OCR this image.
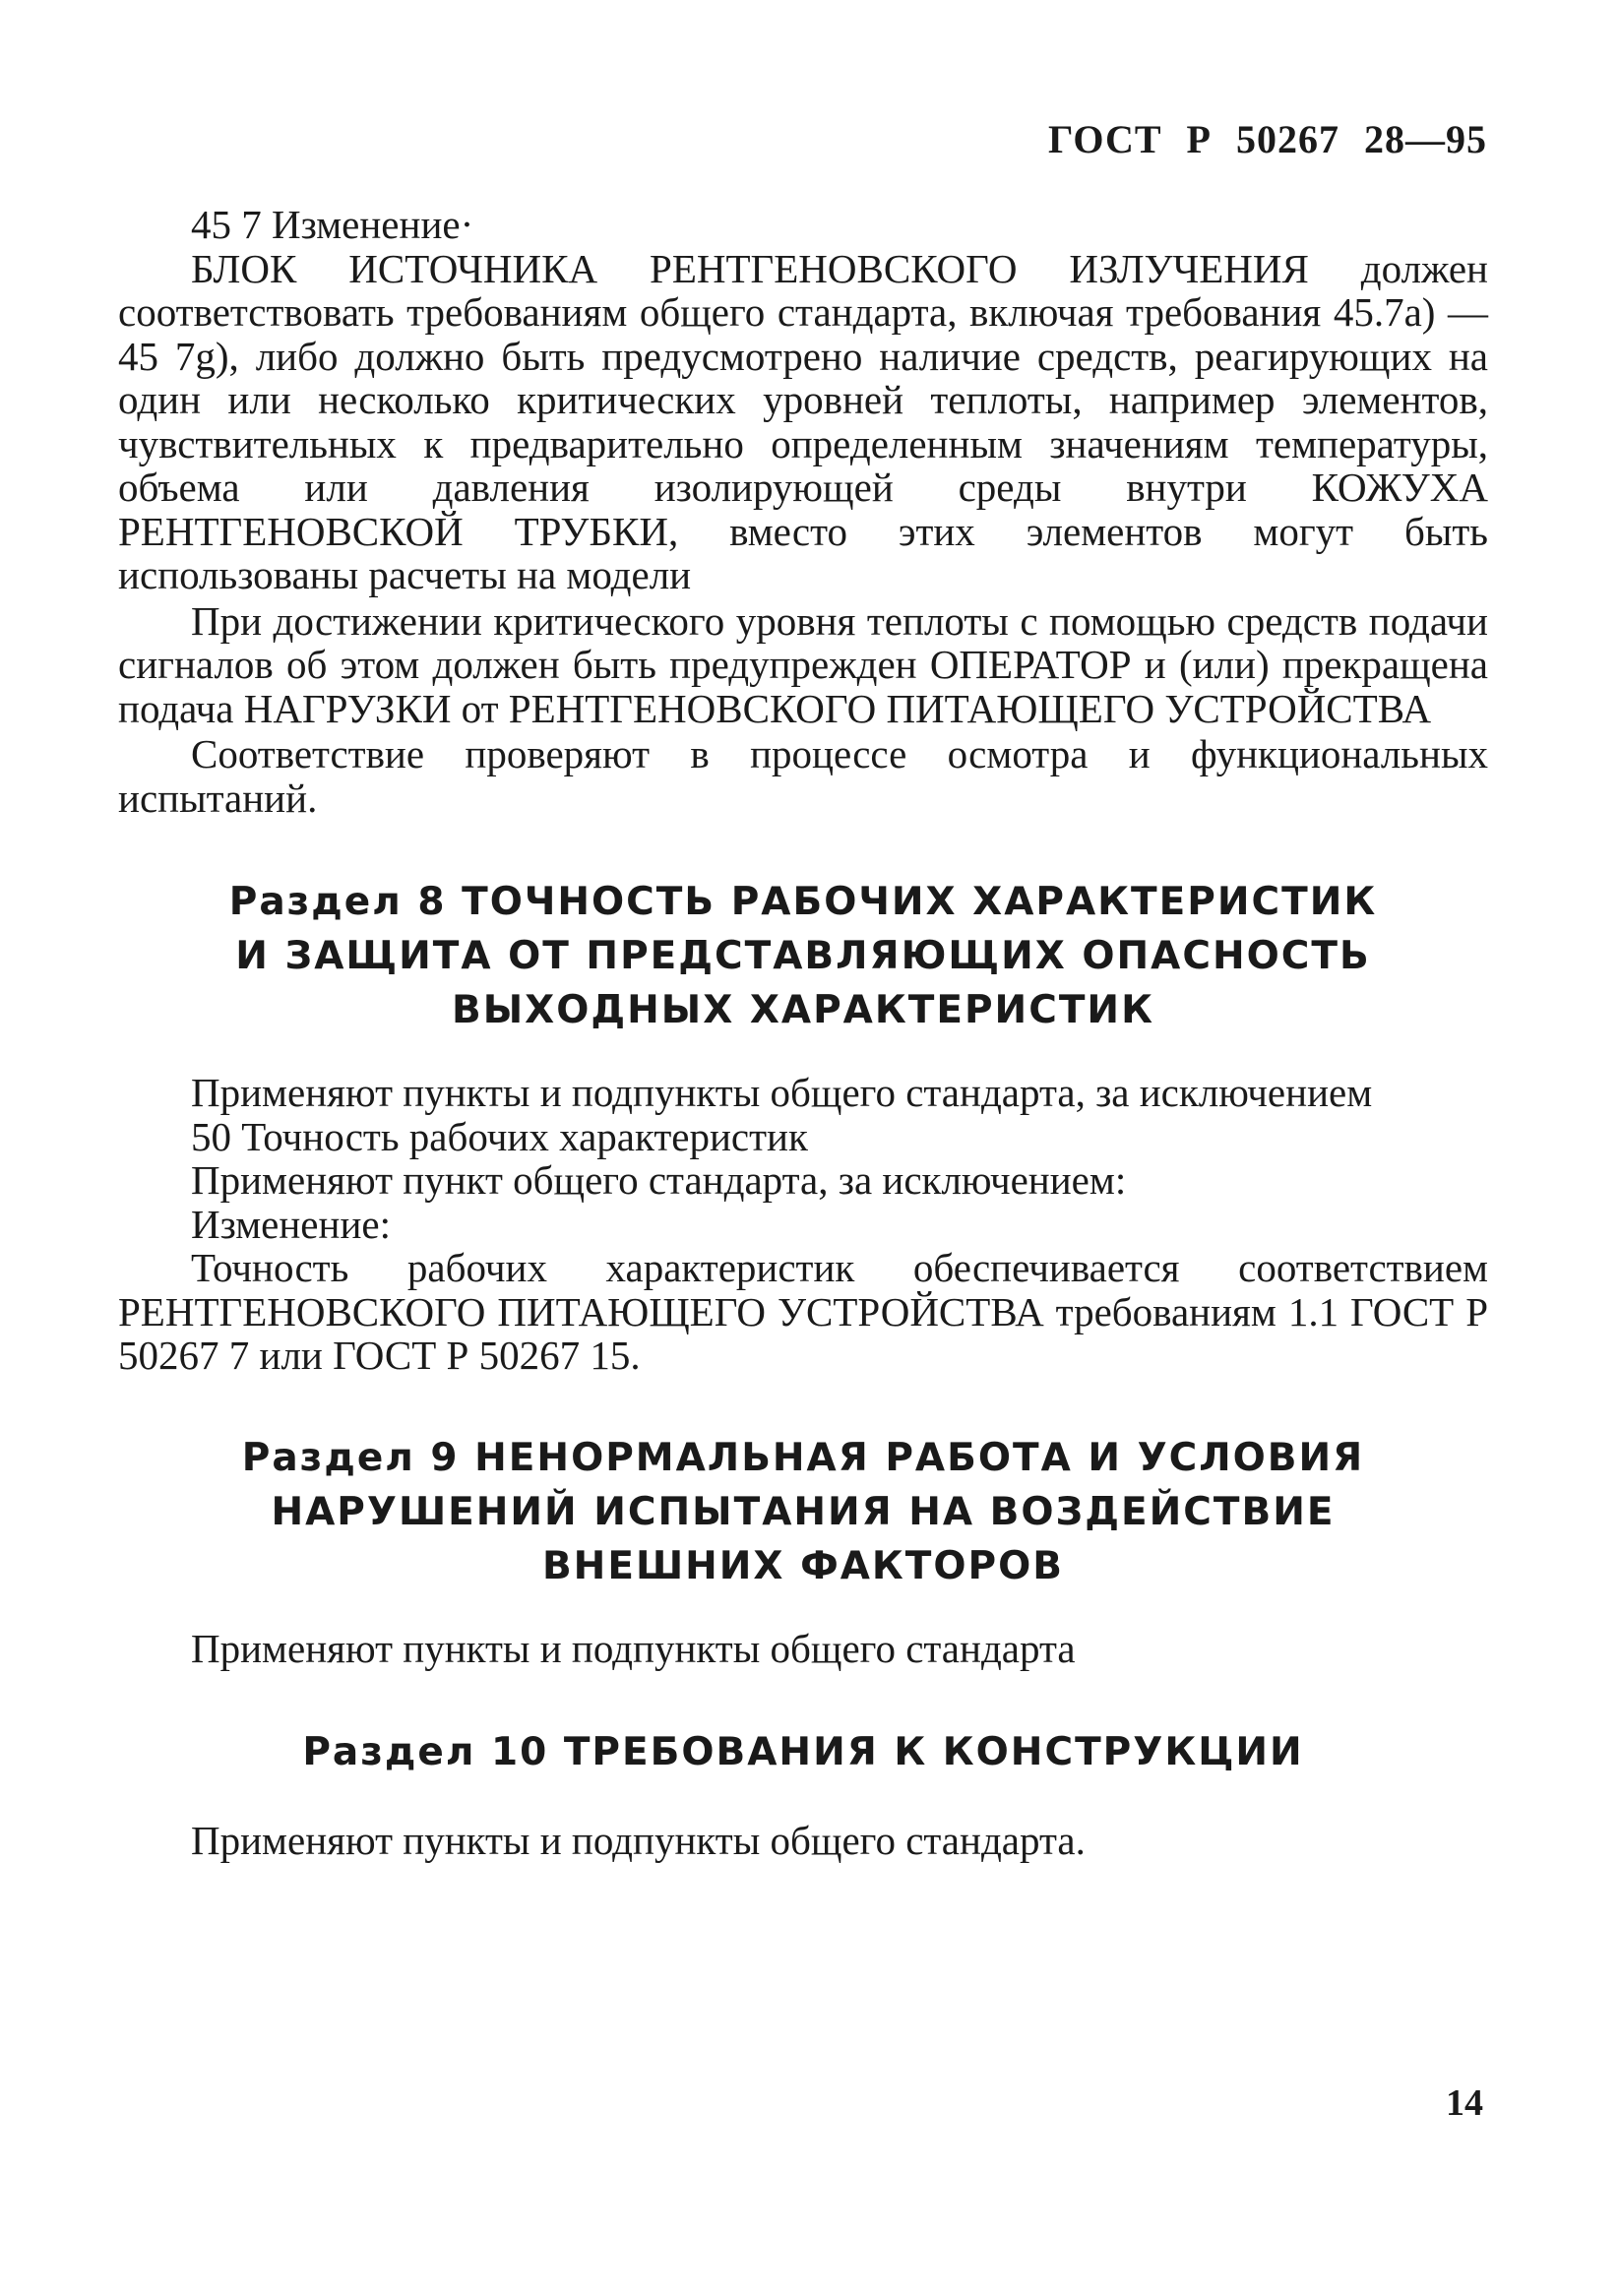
ГОСТ Р 50267 28—95

45 7 Изменение·

БЛОК ИСТОЧНИКА РЕНТГЕНОВСКОГО ИЗЛУЧЕНИЯ должен соответствовать требованиям общего стандарта, включая требования 45.7а) — 45 7g), либо должно быть предусмотрено наличие средств, реагирующих на один или несколько критических уровней теплоты, например элементов, чувствительных к предварительно определенным значениям температуры, объема или давления изолирующей среды внутри КОЖУХА РЕНТГЕНОВСКОЙ ТРУБКИ, вместо этих элементов могут быть использованы расчеты на модели

При достижении критического уровня теплоты с помощью средств подачи сигналов об этом должен быть предупрежден ОПЕРАТОР и (или) прекращена подача НАГРУЗКИ от РЕНТГЕНОВСКОГО ПИТАЮЩЕГО УСТРОЙСТВА

Соответствие проверяют в процессе осмотра и функциональных испытаний.

Раздел 8 ТОЧНОСТЬ РАБОЧИХ ХАРАКТЕРИСТИК
И ЗАЩИТА ОТ ПРЕДСТАВЛЯЮЩИХ ОПАСНОСТЬ
ВЫХОДНЫХ ХАРАКТЕРИСТИК

Применяют пункты и подпункты общего стандарта, за исключением

50 Точность рабочих характеристик

Применяют пункт общего стандарта, за исключением:

Изменение:

Точность рабочих характеристик обеспечивается соответствием РЕНТГЕНОВСКОГО ПИТАЮЩЕГО УСТРОЙСТВА требованиям 1.1 ГОСТ Р 50267 7 или ГОСТ Р 50267 15.

Раздел 9 НЕНОРМАЛЬНАЯ РАБОТА И УСЛОВИЯ
НАРУШЕНИЙ ИСПЫТАНИЯ НА ВОЗДЕЙСТВИЕ
ВНЕШНИХ ФАКТОРОВ

Применяют пункты и подпункты общего стандарта

Раздел 10 ТРЕБОВАНИЯ К КОНСТРУКЦИИ

Применяют пункты и подпункты общего стандарта.

14
